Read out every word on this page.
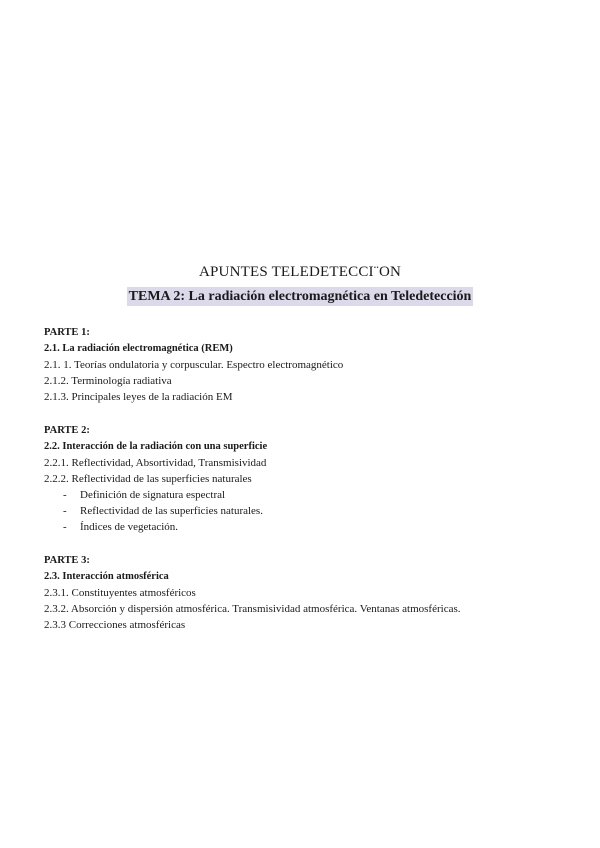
APUNTES TELEDETECCI¨ON
TEMA 2: La radiación electromagnética en Teledetección
PARTE 1:
2.1. La radiación electromagnética (REM)
2.1. 1. Teorías ondulatoria y corpuscular. Espectro electromagnético
2.1.2. Terminología radiativa
2.1.3. Principales leyes de la radiación EM
PARTE 2:
2.2. Interacción de la radiación con una superficie
2.2.1. Reflectividad, Absortividad, Transmisividad
2.2.2. Reflectividad de las superficies naturales
- Definición de signatura espectral
- Reflectividad de las superficies naturales.
- Índices de vegetación.
PARTE 3:
2.3. Interacción atmosférica
2.3.1. Constituyentes atmosféricos
2.3.2. Absorción y dispersión atmosférica. Transmisividad atmosférica. Ventanas atmosféricas.
2.3.3 Correcciones atmosféricas
